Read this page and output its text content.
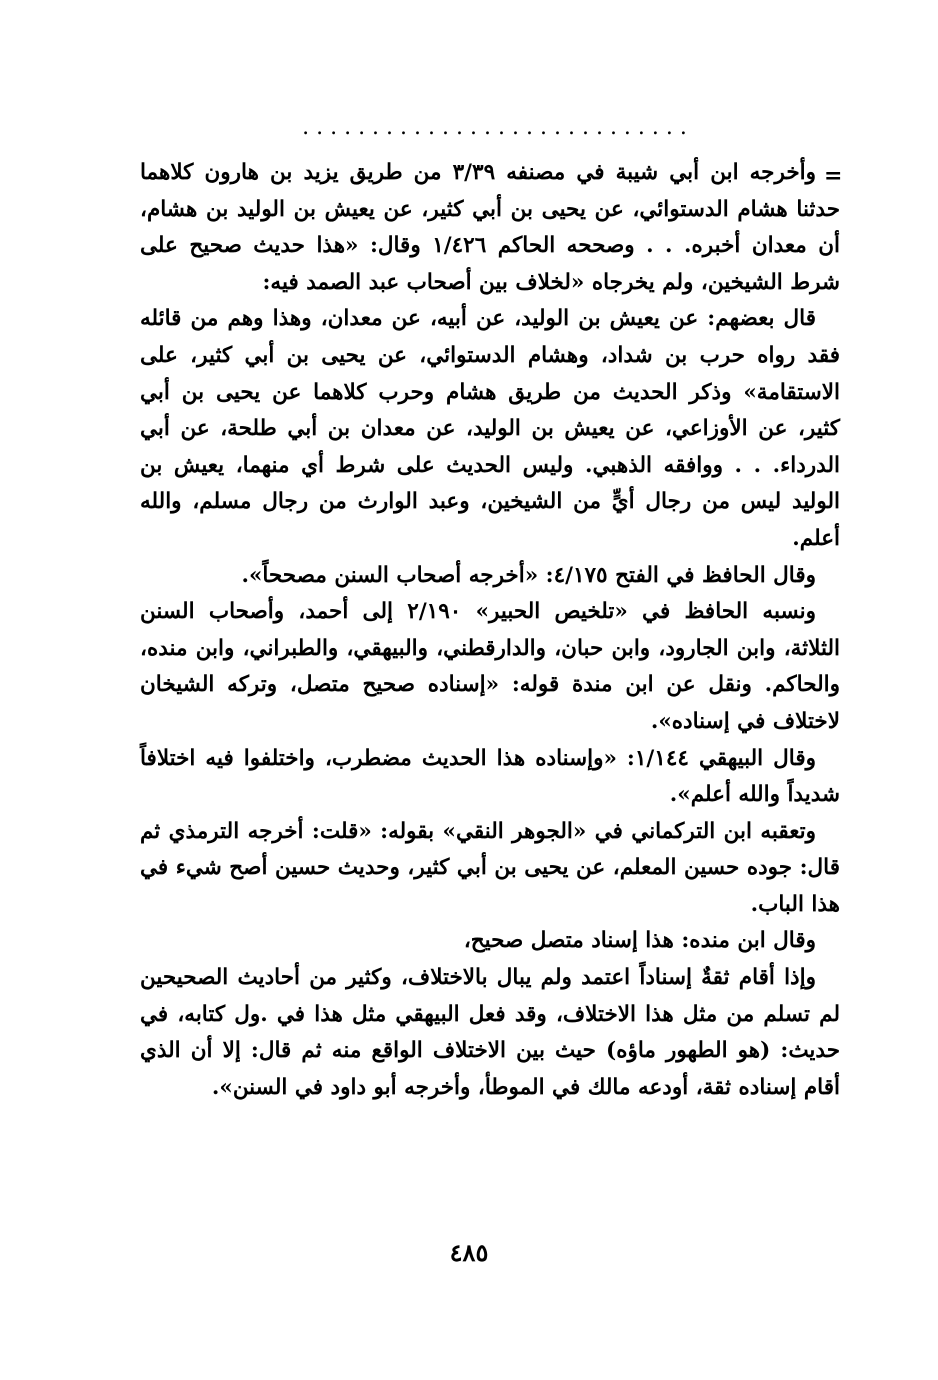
............................
=

وأخرجه ابن أبي شيبة في مصنفه ٣/٣٩ من طريق يزيد بن هارون كلاهما حدثنا هشام الدستوائي، عن يحيى بن أبي كثير، عن يعيش بن الوليد بن هشام، أن معدان أخبره. . . وصححه الحاكم ١/٤٢٦ وقال: «هذا حديث صحيح على شرط الشيخين، ولم يخرجاه «لخلاف بين أصحاب عبد الصمد فيه:

قال بعضهم: عن يعيش بن الوليد، عن أبيه، عن معدان، وهذا وهم من قائله فقد رواه حرب بن شداد، وهشام الدستوائي، عن يحيى بن أبي كثير، على الاستقامة» وذكر الحديث من طريق هشام وحرب كلاهما عن يحيى بن أبي كثير، عن الأوزاعي، عن يعيش بن الوليد، عن معدان بن أبي طلحة، عن أبي الدرداء. . . ووافقه الذهبي. وليس الحديث على شرط أي منهما، يعيش بن الوليد ليس من رجال أيٍّ من الشيخين، وعبد الوارث من رجال مسلم، والله أعلم.

وقال الحافظ في الفتح ٤/١٧٥: «أخرجه أصحاب السنن مصححاً».

ونسبه الحافظ في «تلخيص الحبير» ٢/١٩٠ إلى أحمد، وأصحاب السنن الثلاثة، وابن الجارود، وابن حبان، والدارقطني، والبيهقي، والطبراني، وابن منده، والحاكم. ونقل عن ابن مندة قوله: «إسناده صحيح متصل، وتركه الشيخان لاختلاف في إسناده».

وقال البيهقي ١/١٤٤: «وإسناده هذا الحديث مضطرب، واختلفوا فيه اختلافاً شديداً والله أعلم».

وتعقبه ابن التركماني في «الجوهر النقي» بقوله: «قلت: أخرجه الترمذي ثم قال: جوده حسين المعلم، عن يحيى بن أبي كثير، وحديث حسين أصح شيء في هذا الباب.

وقال ابن منده: هذا إسناد متصل صحيح،

وإذا أقام ثقةٌ إسناداً اعتمد ولم يبال بالاختلاف، وكثير من أحاديث الصحيحين لم تسلم من مثل هذا الاختلاف، وقد فعل البيهقي مثل هذا في .ول كتابه، في حديث: (هو الطهور ماؤه) حيث بين الاختلاف الواقع منه ثم قال: إلا أن الذي أقام إسناده ثقة، أودعه مالك في الموطأ، وأخرجه أبو داود في السنن».

٤٨٥
